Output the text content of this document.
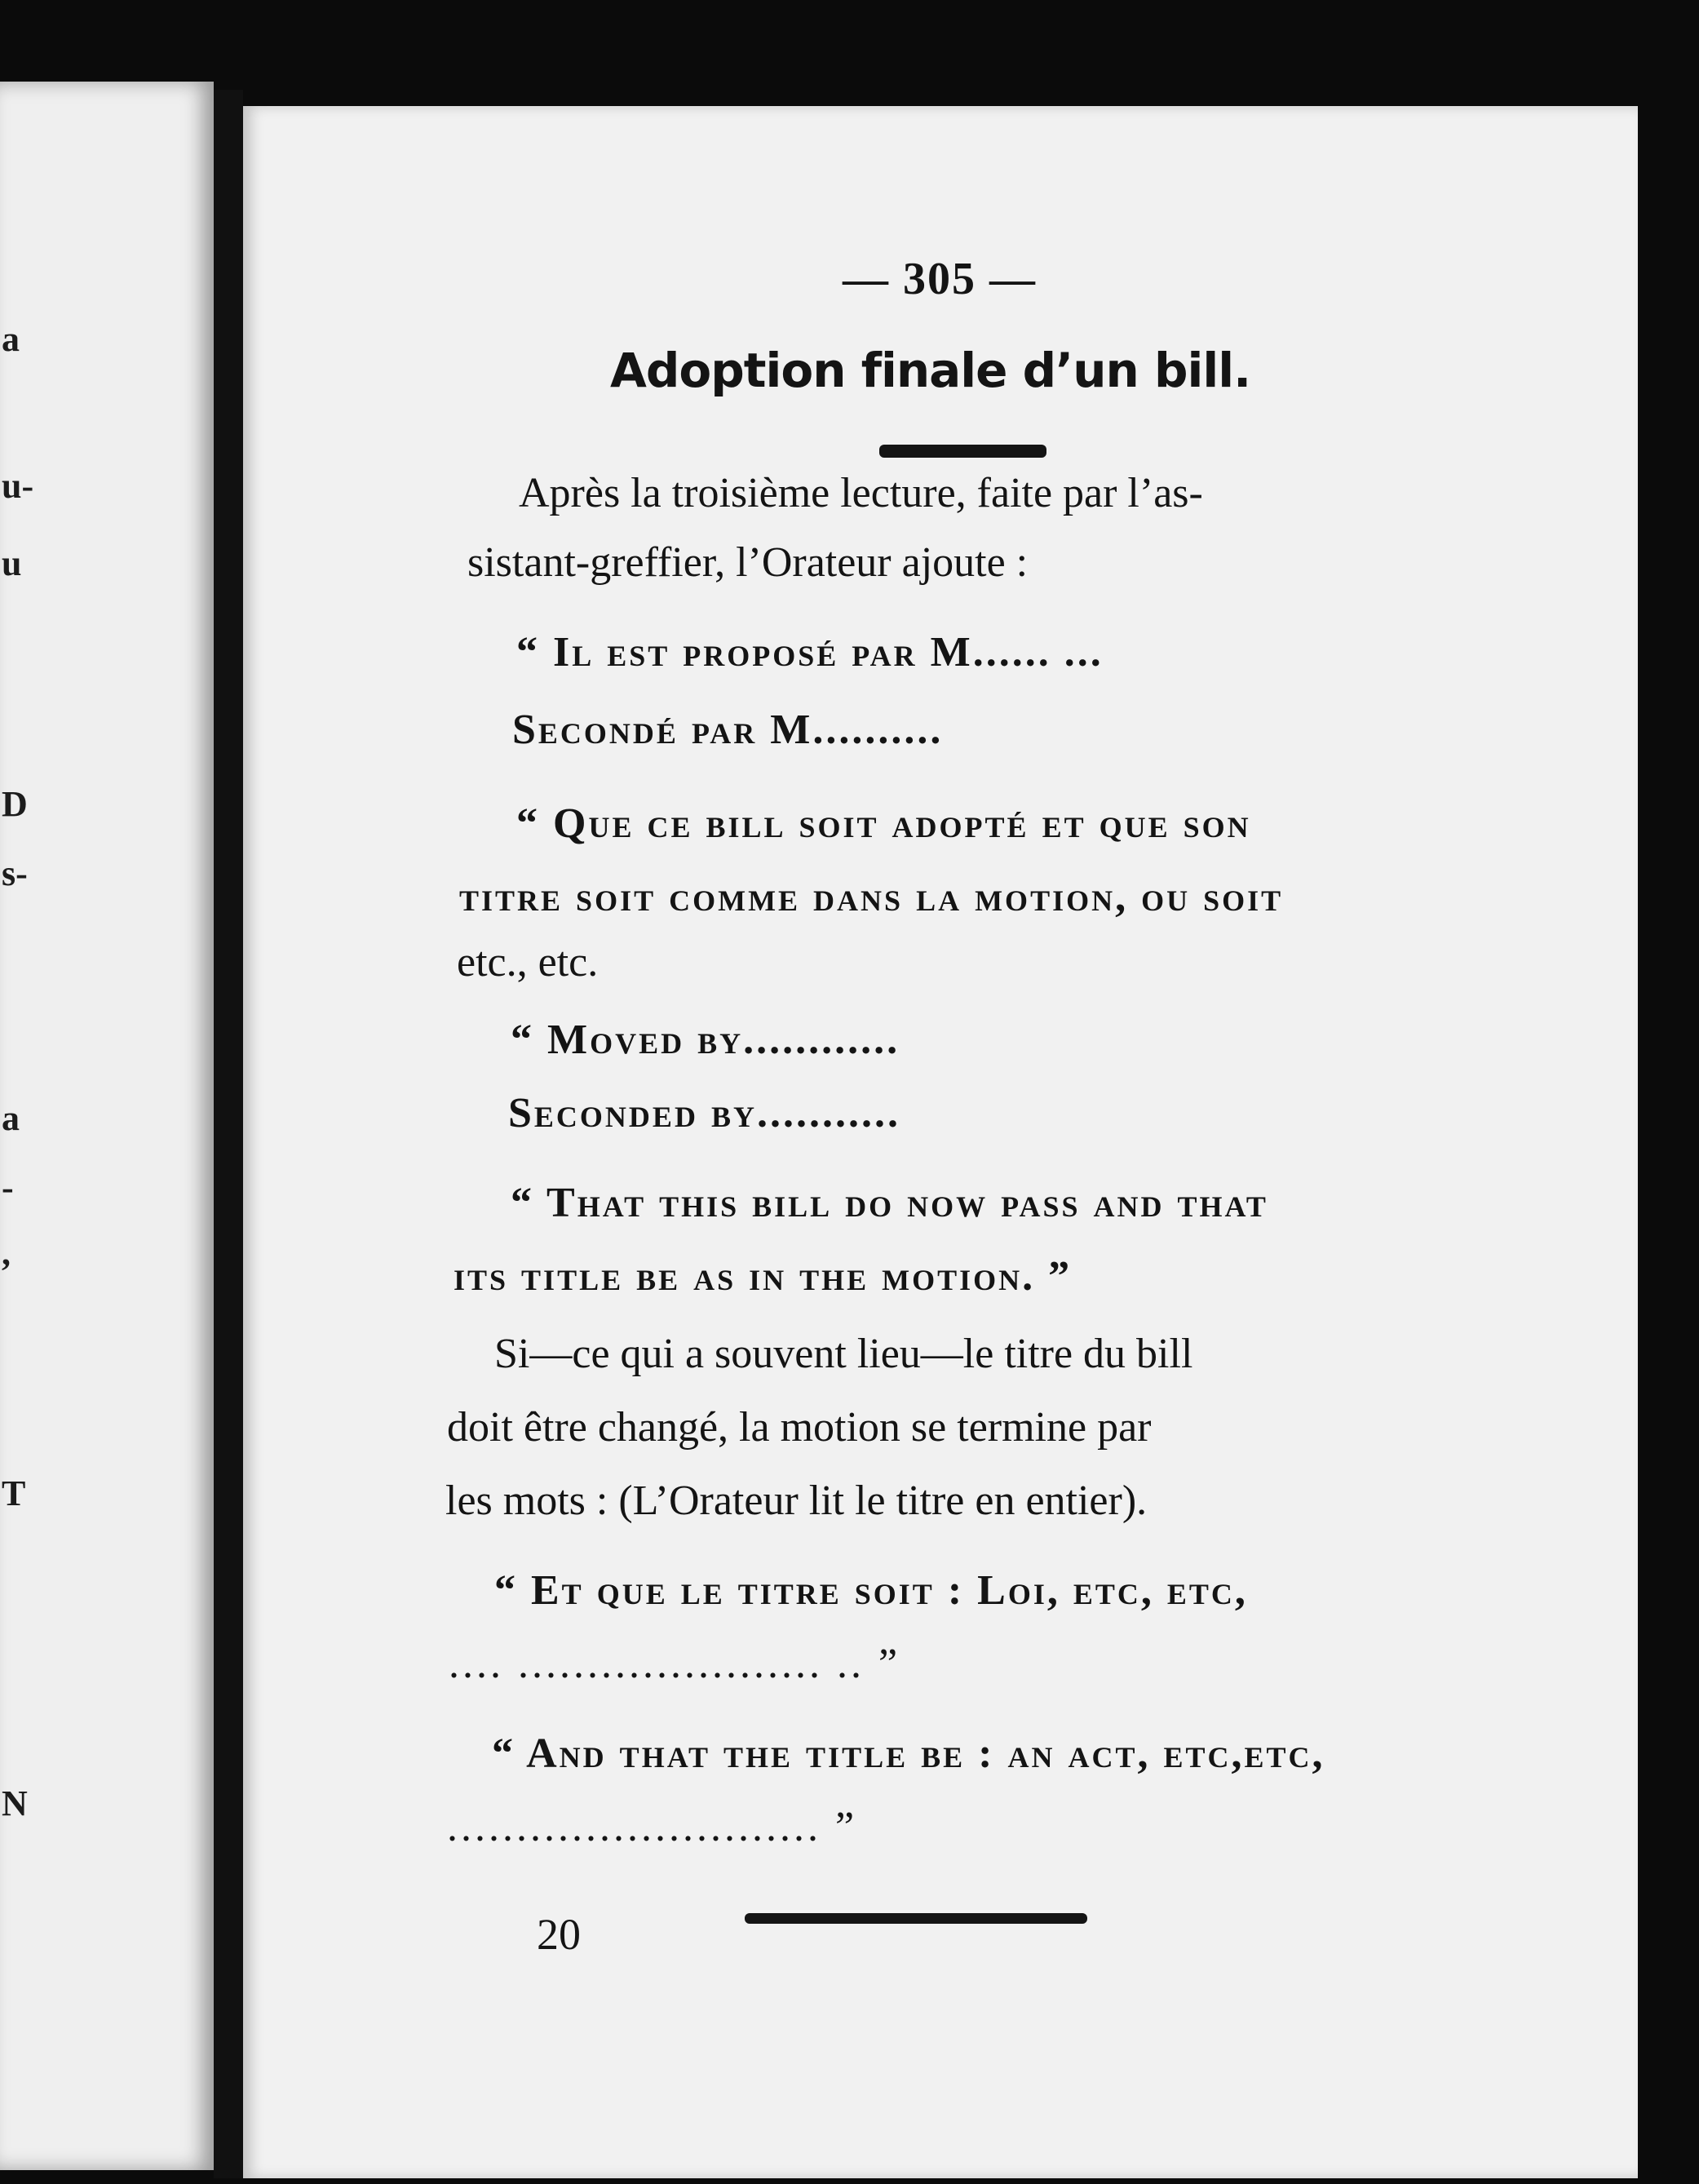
a
u-
u
D
s-
a
-
,
T
N
— 305 —
Adoption finale d’un bill.
Après la troisième lecture, faite par l’as-
sistant-greffier, l’Orateur ajoute :
“ Il est proposé par M...... ...
Secondé par M..........
“ Que ce bill soit adopté et que son
titre soit comme dans la motion, ou soit
etc., etc.
“ Moved by............
Seconded by...........
“ That this bill do now pass and that
its title be as in the motion. ”
Si—ce qui a souvent lieu—le titre du bill
doit être changé, la motion se termine par
les mots : (L’Orateur lit le titre en entier).
“ Et que le titre soit : Loi, etc, etc,
.... ...................... .. ”
“ And that the title be : an act, etc,etc,
........................... ”
20
